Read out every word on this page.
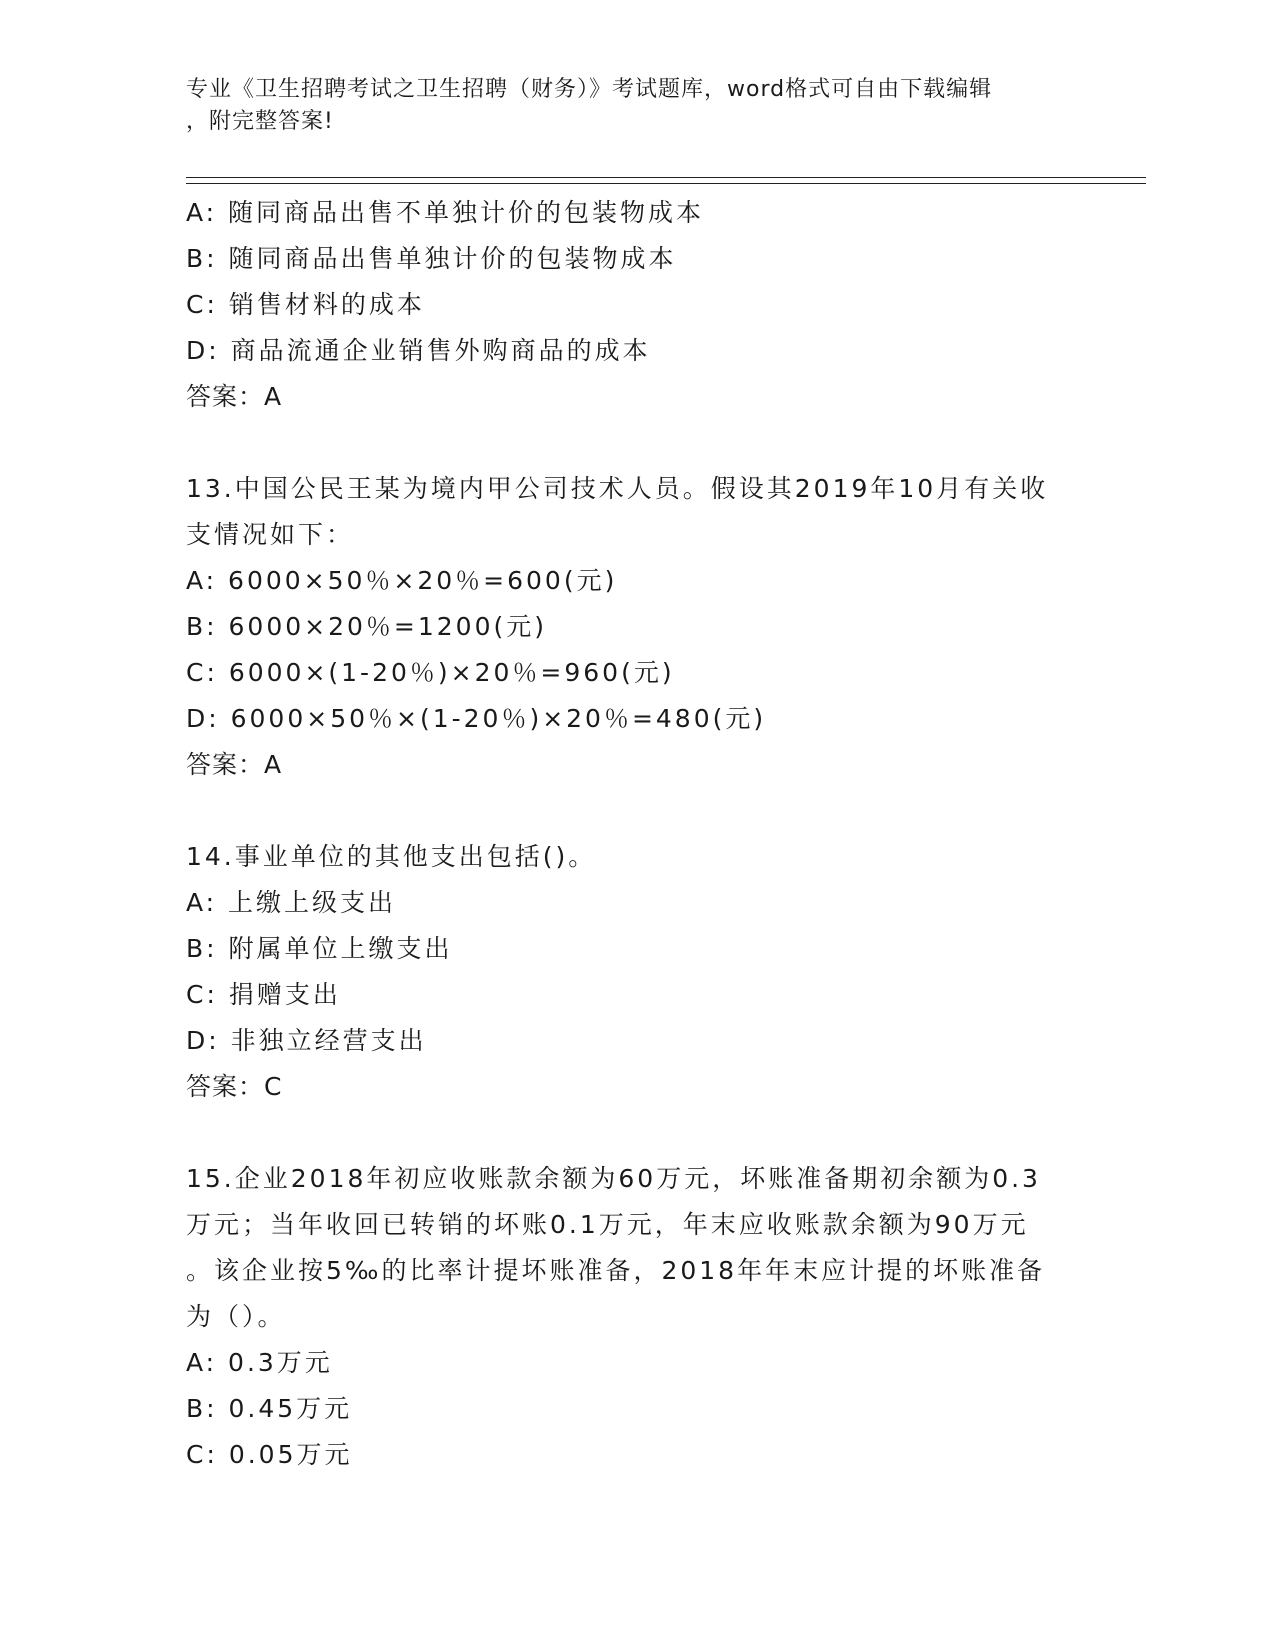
专业《卫生招聘考试之卫生招聘（财务）》考试题库，word格式可自由下载编辑
，附完整答案!
A: 随同商品出售不单独计价的包装物成本
B: 随同商品出售单独计价的包装物成本
C: 销售材料的成本
D: 商品流通企业销售外购商品的成本
答案：A
13.中国公民王某为境内甲公司技术人员。假设其2019年10月有关收
支情况如下：
A: 6000×50％×20％=600(元)
B: 6000×20％=1200(元)
C: 6000×(1-20％)×20％=960(元)
D: 6000×50％×(1-20％)×20％=480(元)
答案：A
14.事业单位的其他支出包括()。
A: 上缴上级支出
B: 附属单位上缴支出
C: 捐赠支出
D: 非独立经营支出
答案：C
15.企业2018年初应收账款余额为60万元，坏账准备期初余额为0.3
万元；当年收回已转销的坏账0.1万元，年末应收账款余额为90万元
。该企业按5‰的比率计提坏账准备，2018年年末应计提的坏账准备
为（）。
A: 0.3万元
B: 0.45万元
C: 0.05万元
